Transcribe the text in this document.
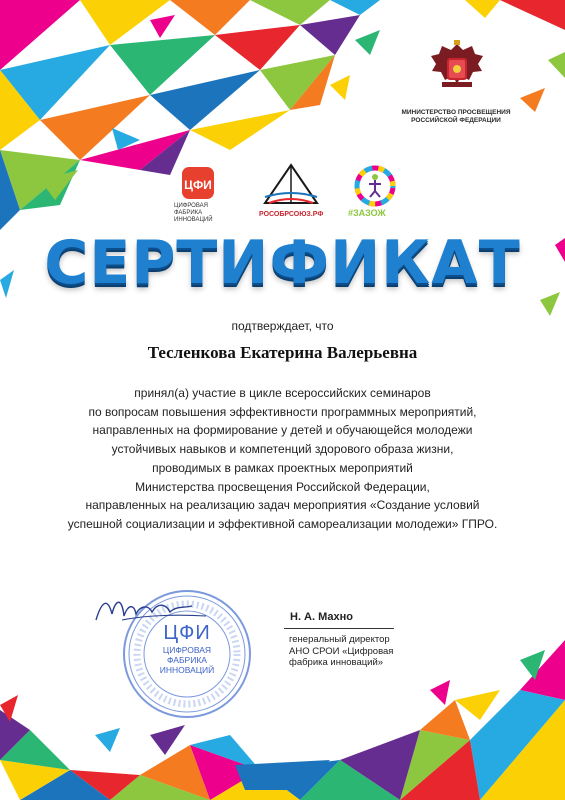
МИНИСТЕРСТВО ПРОСВЕЩЕНИЯ
РОССИЙСКОЙ ФЕДЕРАЦИИ
ЦФИ
ЦИФРОВАЯ
ФАБРИКА ИННОВАЦИЙ
РОСОБРСОЮЗ.РФ	#ЗАЗОЖ
СЕРТИФИКАТ
подтверждает, что
Тесленкова Екатерина Валерьевна
принял(а) участие в цикле всероссийских семинаров
по вопросам повышения эффективности программных мероприятий,
направленных на формирование у детей и обучающейся молодежи
устойчивых навыков и компетенций здорового образа жизни,
проводимых в рамках проектных мероприятий
Министерства просвещения Российской Федерации,
направленных на реализацию задач мероприятия «Создание условий
успешной социализации и эффективной самореализации молодежи» ГПРО.
ЦФИ
ЦИФРОВАЯ
ФАБРИКА
ИННОВАЦИЙ
Н. А. Махно
генеральный директор
АНО СРОИ «Цифровая
фабрика инноваций»
2020 год
